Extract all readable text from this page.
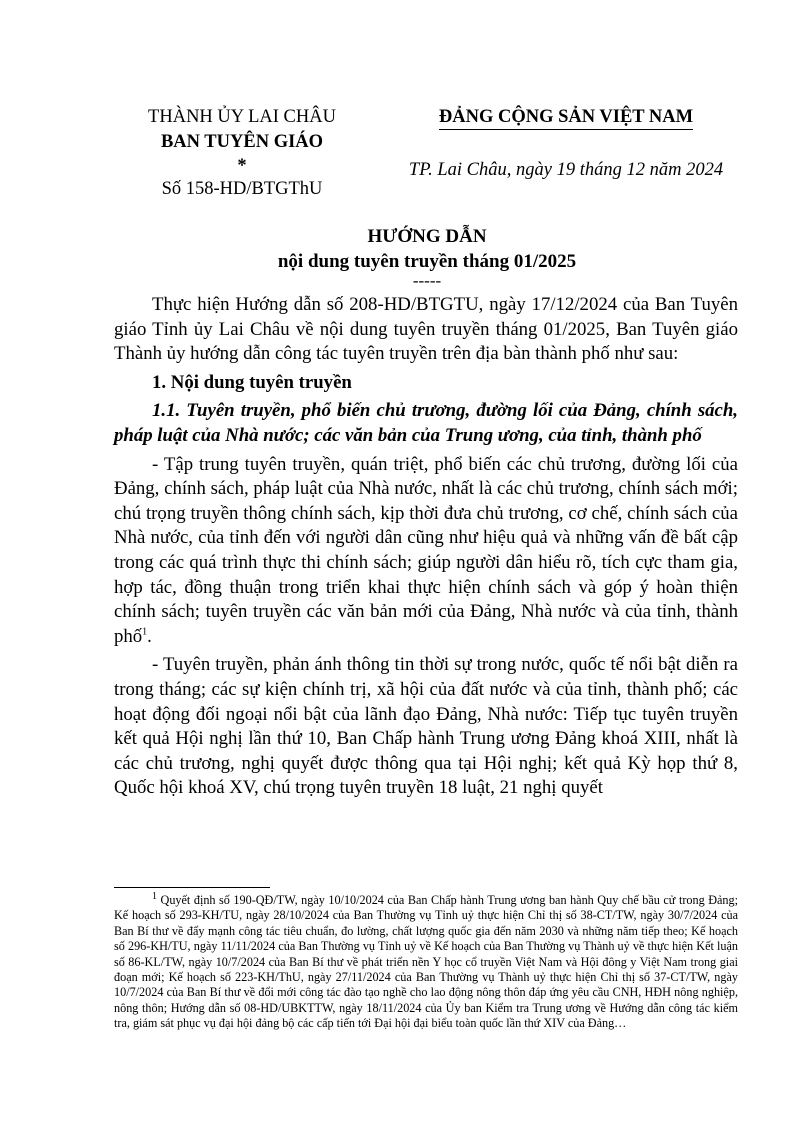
THÀNH ỦY LAI CHÂU
BAN TUYÊN GIÁO
*
Số 158-HD/BTGThU
ĐẢNG CỘNG SẢN VIỆT NAM
TP. Lai Châu, ngày 19 tháng 12 năm 2024
HƯỚNG DẪN
nội dung tuyên truyền tháng 01/2025
-----

Thực hiện Hướng dẫn số 208-HD/BTGTU, ngày 17/12/2024 của Ban Tuyên giáo Tỉnh ủy Lai Châu về nội dung tuyên truyền tháng 01/2025, Ban Tuyên giáo Thành ủy hướng dẫn công tác tuyên truyền trên địa bàn thành phố như sau:

1. Nội dung tuyên truyền

1.1. Tuyên truyền, phổ biến chủ trương, đường lối của Đảng, chính sách, pháp luật của Nhà nước; các văn bản của Trung ương, của tỉnh, thành phố

- Tập trung tuyên truyền, quán triệt, phổ biến các chủ trương, đường lối của Đảng, chính sách, pháp luật của Nhà nước, nhất là các chủ trương, chính sách mới; chú trọng truyền thông chính sách, kịp thời đưa chủ trương, cơ chế, chính sách của Nhà nước, của tỉnh đến với người dân cũng như hiệu quả và những vấn đề bất cập trong các quá trình thực thi chính sách; giúp người dân hiểu rõ, tích cực tham gia, hợp tác, đồng thuận trong triển khai thực hiện chính sách và góp ý hoàn thiện chính sách; tuyên truyền các văn bản mới của Đảng, Nhà nước và của tỉnh, thành phố$^1$.

- Tuyên truyền, phản ánh thông tin thời sự trong nước, quốc tế nổi bật diễn ra trong tháng; các sự kiện chính trị, xã hội của đất nước và của tỉnh, thành phố; các hoạt động đối ngoại nổi bật của lãnh đạo Đảng, Nhà nước: Tiếp tục tuyên truyền kết quả Hội nghị lần thứ 10, Ban Chấp hành Trung ương Đảng khoá XIII, nhất là các chủ trương, nghị quyết được thông qua tại Hội nghị; kết quả Kỳ họp thứ 8, Quốc hội khoá XV, chú trọng tuyên truyền 18 luật, 21 nghị quyết

$^1$ Quyết định số 190-QĐ/TW, ngày 10/10/2024 của Ban Chấp hành Trung ương ban hành Quy chế bầu cử trong Đảng; Kế hoạch số 293-KH/TU, ngày 28/10/2024 của Ban Thường vụ Tỉnh uỷ thực hiện Chỉ thị số 38-CT/TW, ngày 30/7/2024 của Ban Bí thư về đẩy mạnh công tác tiêu chuẩn, đo lường, chất lượng quốc gia đến năm 2030 và những năm tiếp theo; Kế hoạch số 296-KH/TU, ngày 11/11/2024 của Ban Thường vụ Tỉnh uỷ về Kế hoạch của Ban Thường vụ Thành uỷ về thực hiện Kết luận số 86-KL/TW, ngày 10/7/2024 của Ban Bí thư về phát triển nền Y học cổ truyền Việt Nam và Hội đông y Việt Nam trong giai đoạn mới; Kế hoạch số 223-KH/ThU, ngày 27/11/2024 của Ban Thường vụ Thành uỷ thực hiện Chỉ thị số 37-CT/TW, ngày 10/7/2024 của Ban Bí thư về đổi mới công tác đào tạo nghề cho lao động nông thôn đáp ứng yêu cầu CNH, HĐH nông nghiệp, nông thôn; Hướng dẫn số 08-HD/UBKTTW, ngày 18/11/2024 của Ủy ban Kiểm tra Trung ương về Hướng dẫn công tác kiểm tra, giám sát phục vụ đại hội đảng bộ các cấp tiến tới Đại hội đại biểu toàn quốc lần thứ XIV của Đảng…
